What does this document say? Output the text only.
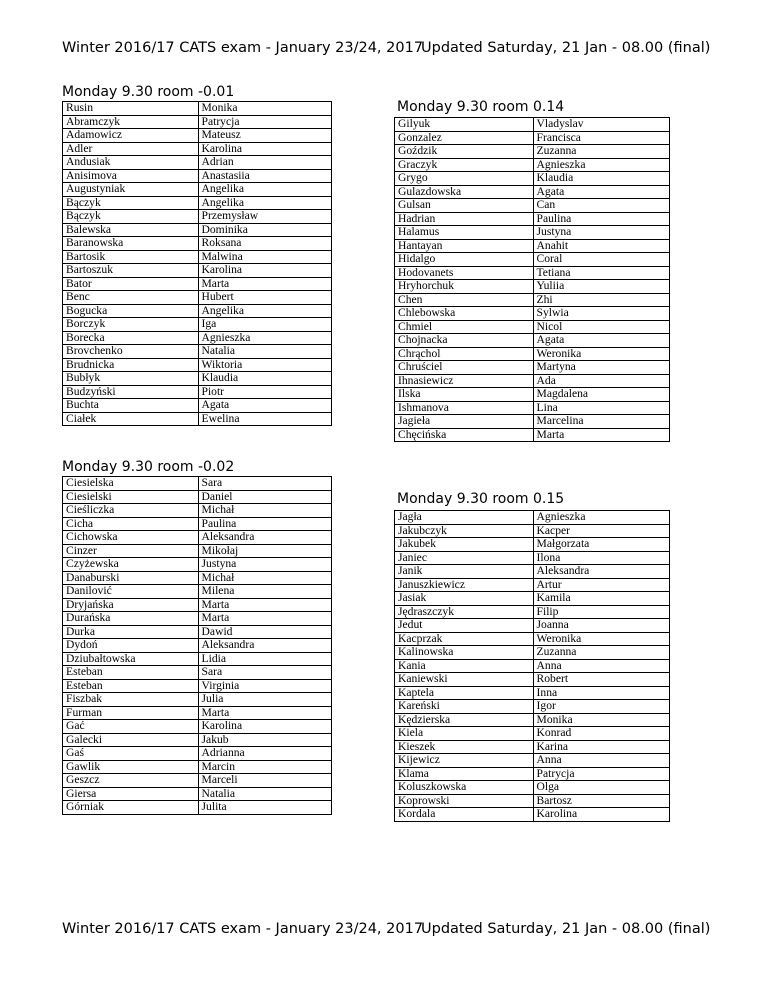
Winter 2016/17 CATS exam - January 23/24, 2017
Updated Saturday, 21 Jan - 08.00 (final)
Monday 9.30 room -0.01
Rusin	Monika
Abramczyk	Patrycja
Adamowicz	Mateusz
Adler	Karolina
Andusiak	Adrian
Anisimova	Anastasiia
Augustyniak	Angelika
Bączyk	Angelika
Bączyk	Przemysław
Balewska	Dominika
Baranowska	Roksana
Bartosik	Malwina
Bartoszuk	Karolina
Bator	Marta
Benc	Hubert
Bogucka	Angelika
Borczyk	Iga
Borecka	Agnieszka
Brovchenko	Natalia
Brudnicka	Wiktoria
Bubłyk	Klaudia
Budzyński	Piotr
Buchta	Agata
Ciałek	Ewelina
Monday 9.30 room -0.02
Ciesielska	Sara
Ciesielski	Daniel
Cieśliczka	Michał
Cicha	Paulina
Cichowska	Aleksandra
Cinzer	Mikołaj
Czyżewska	Justyna
Danaburski	Michał
Danilović	Milena
Dryjańska	Marta
Durańska	Marta
Durka	Dawid
Dydoń	Aleksandra
Dziubałtowska	Lidia
Esteban	Sara
Esteban	Virginia
Fiszbak	Julia
Furman	Marta
Gać	Karolina
Galecki	Jakub
Gaś	Adrianna
Gawlik	Marcin
Geszcz	Marceli
Giersa	Natalia
Górniak	Julita
Monday 9.30 room 0.14
Gilyuk	Vladyslav
Gonzalez	Francisca
Goździk	Zuzanna
Graczyk	Agnieszka
Grygo	Klaudia
Gulazdowska	Agata
Gulsan	Can
Hadrian	Paulina
Halamus	Justyna
Hantayan	Anahit
Hidalgo	Coral
Hodovanets	Tetiana
Hryhorchuk	Yuliia
Chen	Zhi
Chlebowska	Sylwia
Chmiel	Nicol
Chojnacka	Agata
Chrąchol	Weronika
Chruściel	Martyna
Ihnasiewicz	Ada
Ilska	Magdalena
Ishmanova	Lina
Jagieła	Marcelina
Chęcińska	Marta
Monday 9.30 room 0.15
Jagła	Agnieszka
Jakubczyk	Kacper
Jakubek	Małgorzata
Janiec	Ilona
Janik	Aleksandra
Januszkiewicz	Artur
Jasiak	Kamila
Jędraszczyk	Filip
Jedut	Joanna
Kacprzak	Weronika
Kalinowska	Zuzanna
Kania	Anna
Kaniewski	Robert
Kaptela	Inna
Kareński	Igor
Kędzierska	Monika
Kiela	Konrad
Kieszek	Karina
Kijewicz	Anna
Klama	Patrycja
Koluszkowska	Olga
Koprowski	Bartosz
Kordala	Karolina
Winter 2016/17 CATS exam - January 23/24, 2017
Updated Saturday, 21 Jan - 08.00 (final)
